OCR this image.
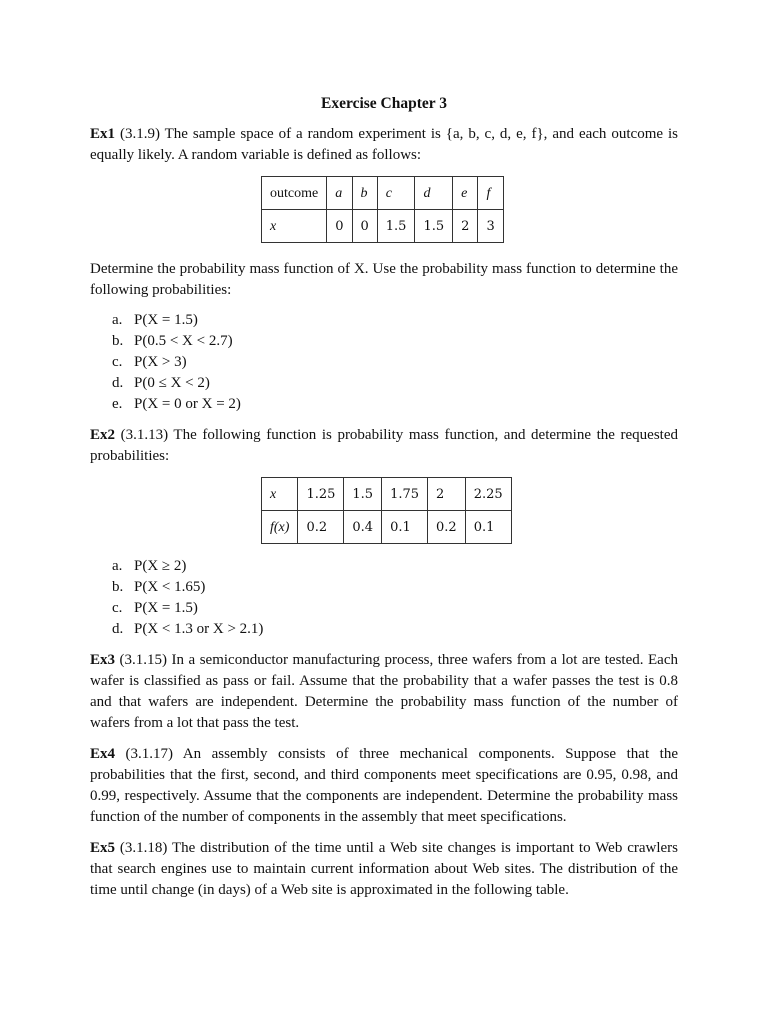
Exercise Chapter 3

Ex1 (3.1.9) The sample space of a random experiment is {a, b, c, d, e, f}, and each outcome is equally likely. A random variable is defined as follows:

outcome	a	b	c	d	e	f
x	0	0	1.5	1.5	2	3

Determine the probability mass function of X. Use the probability mass function to determine the following probabilities:

a. P(X = 1.5)
b. P(0.5 < X < 2.7)
c. P(X > 3)
d. P(0 ≤ X < 2)
e. P(X = 0 or X = 2)

Ex2 (3.1.13) The following function is probability mass function, and determine the requested probabilities:

x	1.25	1.5	1.75	2	2.25
f(x)	0.2	0.4	0.1	0.2	0.1
a. P(X ≥ 2)
b. P(X < 1.65)
c. P(X = 1.5)
d. P(X < 1.3 or X > 2.1)

Ex3 (3.1.15) In a semiconductor manufacturing process, three wafers from a lot are tested. Each wafer is classified as pass or fail. Assume that the probability that a wafer passes the test is 0.8 and that wafers are independent. Determine the probability mass function of the number of wafers from a lot that pass the test.

Ex4 (3.1.17) An assembly consists of three mechanical components. Suppose that the probabilities that the first, second, and third components meet specifications are 0.95, 0.98, and 0.99, respectively. Assume that the components are independent. Determine the probability mass function of the number of components in the assembly that meet specifications.

Ex5 (3.1.18) The distribution of the time until a Web site changes is important to Web crawlers that search engines use to maintain current information about Web sites. The distribution of the time until change (in days) of a Web site is approximated in the following table.
